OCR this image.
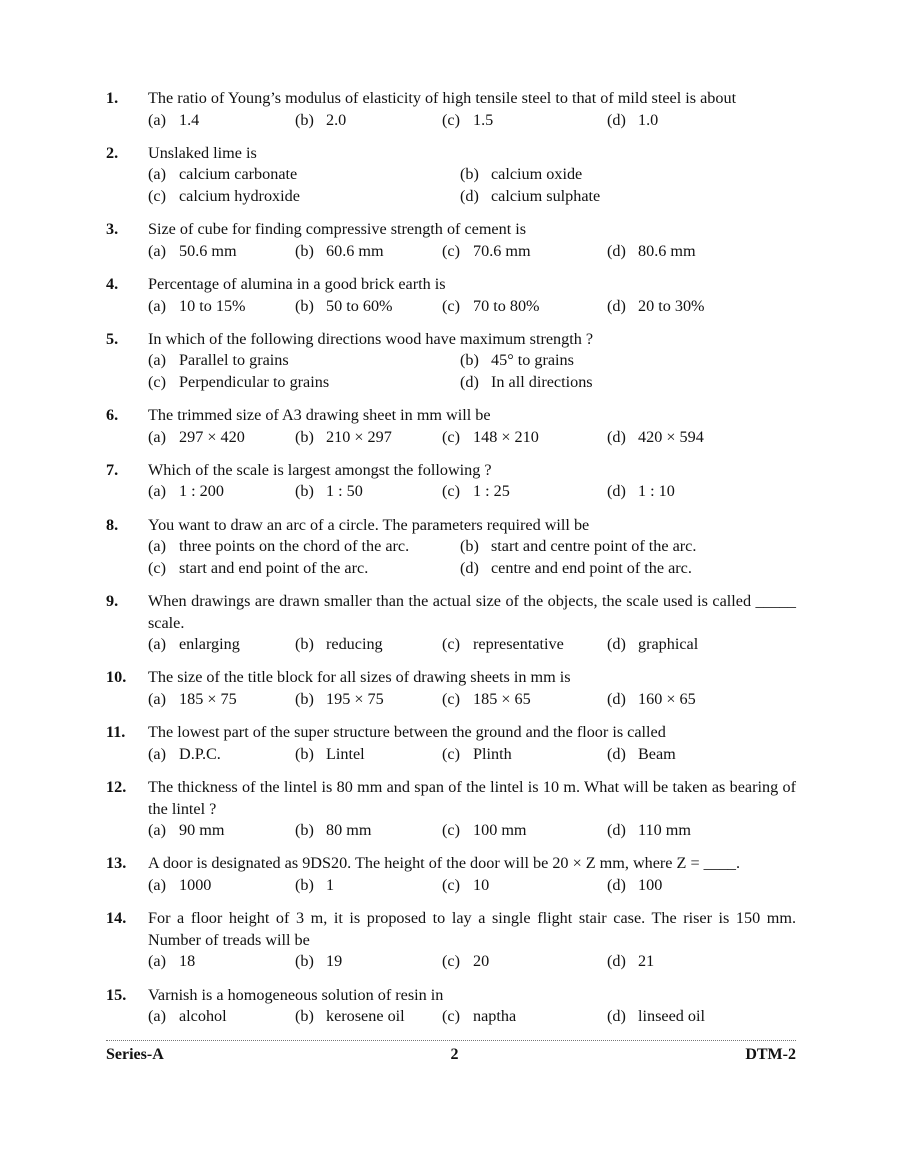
1. The ratio of Young’s modulus of elasticity of high tensile steel to that of mild steel is about
(a) 1.4	(b) 2.0	(c) 1.5	(d) 1.0
2. Unslaked lime is
(a) calcium carbonate	(b) calcium oxide
(c) calcium hydroxide	(d) calcium sulphate
3. Size of cube for finding compressive strength of cement is
(a) 50.6 mm	(b) 60.6 mm	(c) 70.6 mm	(d) 80.6 mm
4. Percentage of alumina in a good brick earth is
(a) 10 to 15%	(b) 50 to 60%	(c) 70 to 80%	(d) 20 to 30%
5. In which of the following directions wood have maximum strength ?
(a) Parallel to grains	(b) 45° to grains
(c) Perpendicular to grains	(d) In all directions
6. The trimmed size of A3 drawing sheet in mm will be
(a) 297 × 420	(b) 210 × 297	(c) 148 × 210	(d) 420 × 594
7. Which of the scale is largest amongst the following ?
(a) 1 : 200	(b) 1 : 50	(c) 1 : 25	(d) 1 : 10
8. You want to draw an arc of a circle. The parameters required will be
(a) three points on the chord of the arc.	(b) start and centre point of the arc.
(c) start and end point of the arc.	(d) centre and end point of the arc.
9. When drawings are drawn smaller than the actual size of the objects, the scale used is called _____ scale.
(a) enlarging	(b) reducing	(c) representative	(d) graphical
10. The size of the title block for all sizes of drawing sheets in mm is
(a) 185 × 75	(b) 195 × 75	(c) 185 × 65	(d) 160 × 65
11. The lowest part of the super structure between the ground and the floor is called
(a) D.P.C.	(b) Lintel	(c) Plinth	(d) Beam
12. The thickness of the lintel is 80 mm and span of the lintel is 10 m. What will be taken as bearing of the lintel ?
(a) 90 mm	(b) 80 mm	(c) 100 mm	(d) 110 mm
13. A door is designated as 9DS20. The height of the door will be 20 × Z mm, where Z = ____.
(a) 1000	(b) 1	(c) 10	(d) 100
14. For a floor height of 3 m, it is proposed to lay a single flight stair case. The riser is 150 mm. Number of treads will be
(a) 18	(b) 19	(c) 20	(d) 21
15. Varnish is a homogeneous solution of resin in
(a) alcohol	(b) kerosene oil (c) naptha	(d) linseed oil
Series-A	2	DTM-2
